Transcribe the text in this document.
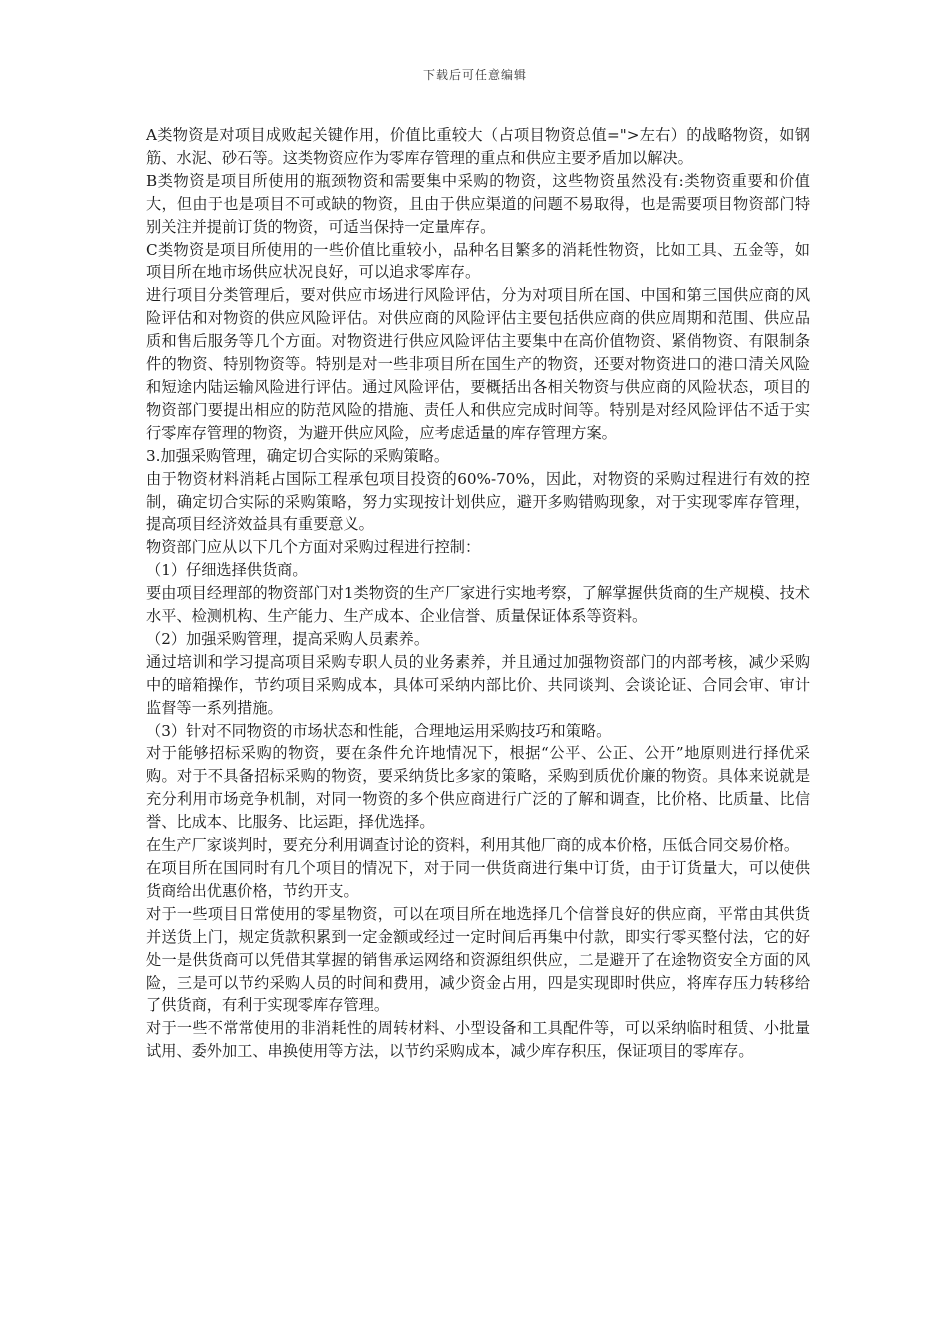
下载后可任意编辑

A类物资是对项目成败起关键作用，价值比重较大（占项目物资总值=">左右）的战略物资，如钢筋、水泥、砂石等。这类物资应作为零库存管理的重点和供应主要矛盾加以解决。

B类物资是项目所使用的瓶颈物资和需要集中采购的物资，这些物资虽然没有:类物资重要和价值大，但由于也是项目不可或缺的物资，且由于供应渠道的问题不易取得，也是需要项目物资部门特别关注并提前订货的物资，可适当保持一定量库存。

C类物资是项目所使用的一些价值比重较小，品种名目繁多的消耗性物资，比如工具、五金等，如项目所在地市场供应状况良好，可以追求零库存。

进行项目分类管理后，要对供应市场进行风险评估，分为对项目所在国、中国和第三国供应商的风险评估和对物资的供应风险评估。对供应商的风险评估主要包括供应商的供应周期和范围、供应品质和售后服务等几个方面。对物资进行供应风险评估主要集中在高价值物资、紧俏物资、有限制条件的物资、特别物资等。特别是对一些非项目所在国生产的物资，还要对物资进口的港口清关风险和短途内陆运输风险进行评估。通过风险评估，要概括出各相关物资与供应商的风险状态，项目的物资部门要提出相应的防范风险的措施、责任人和供应完成时间等。特别是对经风险评估不适于实行零库存管理的物资，为避开供应风险，应考虑适量的库存管理方案。

3.加强采购管理，确定切合实际的采购策略。

由于物资材料消耗占国际工程承包项目投资的60%-70%，因此，对物资的采购过程进行有效的控制，确定切合实际的采购策略，努力实现按计划供应，避开多购错购现象，对于实现零库存管理，提高项目经济效益具有重要意义。

物资部门应从以下几个方面对采购过程进行控制：

（1）仔细选择供货商。

要由项目经理部的物资部门对1类物资的生产厂家进行实地考察，了解掌握供货商的生产规模、技术水平、检测机构、生产能力、生产成本、企业信誉、质量保证体系等资料。

（2）加强采购管理，提高采购人员素养。

通过培训和学习提高项目采购专职人员的业务素养，并且通过加强物资部门的内部考核，减少采购中的暗箱操作，节约项目采购成本，具体可采纳内部比价、共同谈判、会谈论证、合同会审、审计监督等一系列措施。

（3）针对不同物资的市场状态和性能，合理地运用采购技巧和策略。

对于能够招标采购的物资，要在条件允许地情况下，根据“公平、公正、公开”地原则进行择优采购。对于不具备招标采购的物资，要采纳货比多家的策略，采购到质优价廉的物资。具体来说就是充分利用市场竞争机制，对同一物资的多个供应商进行广泛的了解和调查，比价格、比质量、比信誉、比成本、比服务、比运距，择优选择。

在生产厂家谈判时，要充分利用调查讨论的资料，利用其他厂商的成本价格，压低合同交易价格。

在项目所在国同时有几个项目的情况下，对于同一供货商进行集中订货，由于订货量大，可以使供货商给出优惠价格，节约开支。

对于一些项目日常使用的零星物资，可以在项目所在地选择几个信誉良好的供应商，平常由其供货并送货上门，规定货款积累到一定金额或经过一定时间后再集中付款，即实行零买整付法，它的好处一是供货商可以凭借其掌握的销售承运网络和资源组织供应，二是避开了在途物资安全方面的风险，三是可以节约采购人员的时间和费用，减少资金占用，四是实现即时供应，将库存压力转移给了供货商，有利于实现零库存管理。

对于一些不常常使用的非消耗性的周转材料、小型设备和工具配件等，可以采纳临时租赁、小批量试用、委外加工、串换使用等方法，以节约采购成本，减少库存积压，保证项目的零库存。
